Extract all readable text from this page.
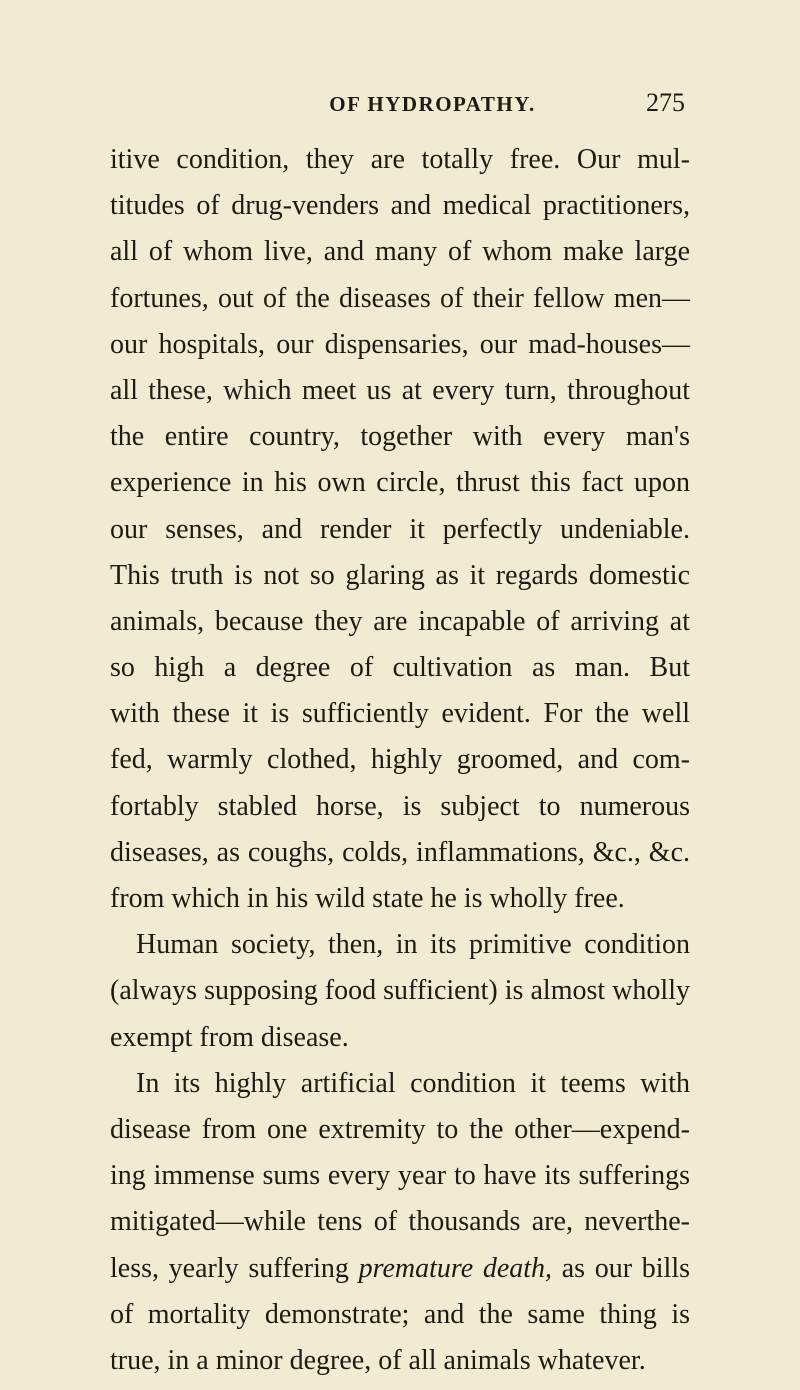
OF HYDROPATHY.	275
itive condition, they are totally free. Our mul-
titudes of drug-venders and medical practitioners,
all of whom live, and many of whom make large
fortunes, out of the diseases of their fellow men—
our hospitals, our dispensaries, our mad-houses—
all these, which meet us at every turn, throughout
the entire country, together with every man's
experience in his own circle, thrust this fact upon
our senses, and render it perfectly undeniable.
This truth is not so glaring as it regards domestic
animals, because they are incapable of arriving at
so high a degree of cultivation as man. But
with these it is sufficiently evident. For the well
fed, warmly clothed, highly groomed, and com-
fortably stabled horse, is subject to numerous
diseases, as coughs, colds, inflammations, &c., &c.
from which in his wild state he is wholly free.
Human society, then, in its primitive condition
(always supposing food sufficient) is almost wholly
exempt from disease.
In its highly artificial condition it teems with
disease from one extremity to the other—expend-
ing immense sums every year to have its sufferings
mitigated—while tens of thousands are, neverthe-
less, yearly suffering premature death, as our bills
of mortality demonstrate; and the same thing is
true, in a minor degree, of all animals whatever.
